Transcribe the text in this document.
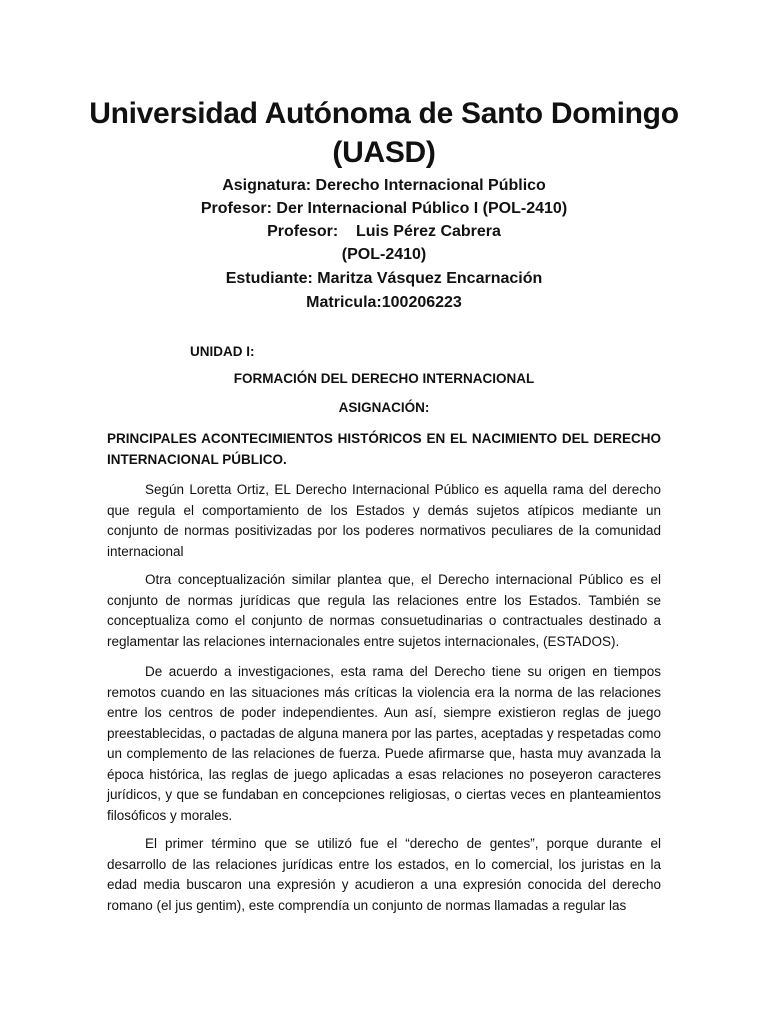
Universidad Autónoma de Santo Domingo
(UASD)
Asignatura: Derecho Internacional Público
Profesor: Der Internacional Público I (POL-2410)
Profesor:    Luis Pérez Cabrera
(POL-2410)
Estudiante: Maritza Vásquez Encarnación
Matricula:100206223
UNIDAD I:
FORMACIÓN DEL DERECHO INTERNACIONAL
ASIGNACIÓN:
PRINCIPALES ACONTECIMIENTOS HISTÓRICOS EN EL NACIMIENTO DEL DERECHO INTERNACIONAL PÚBLICO.

Según Loretta Ortiz, EL Derecho Internacional Público es aquella rama del derecho que regula el comportamiento de los Estados y demás sujetos atípicos mediante un conjunto de normas positivizadas por los poderes normativos peculiares de la comunidad internacional

Otra conceptualización similar plantea que, el Derecho internacional Público es el conjunto de normas jurídicas que regula las relaciones entre los Estados. También se conceptualiza como el conjunto de normas consuetudinarias o contractuales destinado a reglamentar las relaciones internacionales entre sujetos internacionales, (ESTADOS).

De acuerdo a investigaciones, esta rama del Derecho tiene su origen en tiempos remotos cuando en las situaciones más críticas la violencia era la norma de las relaciones entre los centros de poder independientes. Aun así, siempre existieron reglas de juego preestablecidas, o pactadas de alguna manera por las partes, aceptadas y respetadas como un complemento de las relaciones de fuerza. Puede afirmarse que, hasta muy avanzada la época histórica, las reglas de juego aplicadas a esas relaciones no poseyeron caracteres jurídicos, y que se fundaban en concepciones religiosas, o ciertas veces en planteamientos filosóficos y morales.

El primer término que se utilizó fue el “derecho de gentes”, porque durante el desarrollo de las relaciones jurídicas entre los estados, en lo comercial, los juristas en la edad media buscaron una expresión y acudieron a una expresión conocida del derecho romano (el jus gentim), este comprendía un conjunto de normas llamadas a regular las
